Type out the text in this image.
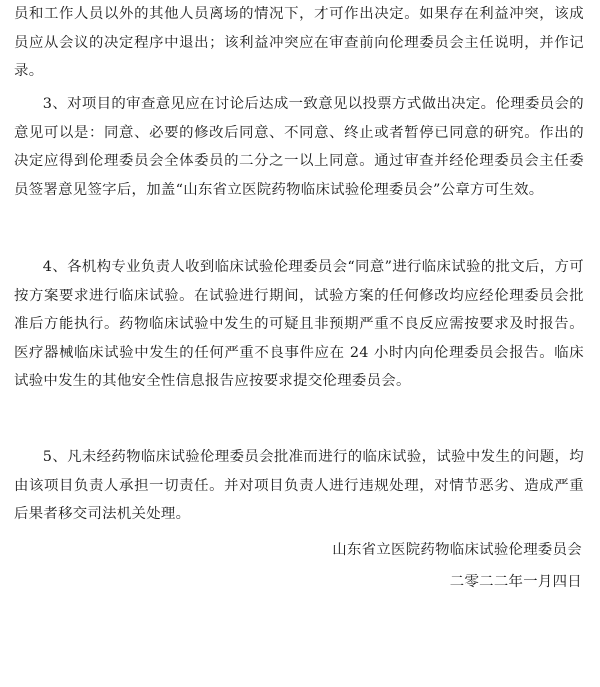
员和工作人员以外的其他人员离场的情况下，才可作出决定。如果存在利益冲突，该成员应从会议的决定程序中退出；该利益冲突应在审查前向伦理委员会主任说明，并作记录。

3、对项目的审查意见应在讨论后达成一致意见以投票方式做出决定。伦理委员会的意见可以是：同意、必要的修改后同意、不同意、终止或者暂停已同意的研究。作出的决定应得到伦理委员会全体委员的二分之一以上同意。通过审查并经伦理委员会主任委员签署意见签字后，加盖“山东省立医院药物临床试验伦理委员会”公章方可生效。

4、各机构专业负责人收到临床试验伦理委员会“同意”进行临床试验的批文后，方可按方案要求进行临床试验。在试验进行期间，试验方案的任何修改均应经伦理委员会批准后方能执行。药物临床试验中发生的可疑且非预期严重不良反应需按要求及时报告。医疗器械临床试验中发生的任何严重不良事件应在 24 小时内向伦理委员会报告。临床试验中发生的其他安全性信息报告应按要求提交伦理委员会。

5、凡未经药物临床试验伦理委员会批准而进行的临床试验，试验中发生的问题，均由该项目负责人承担一切责任。并对项目负责人进行违规处理，对情节恶劣、造成严重后果者移交司法机关处理。

山东省立医院药物临床试验伦理委员会

二零二二年一月四日
